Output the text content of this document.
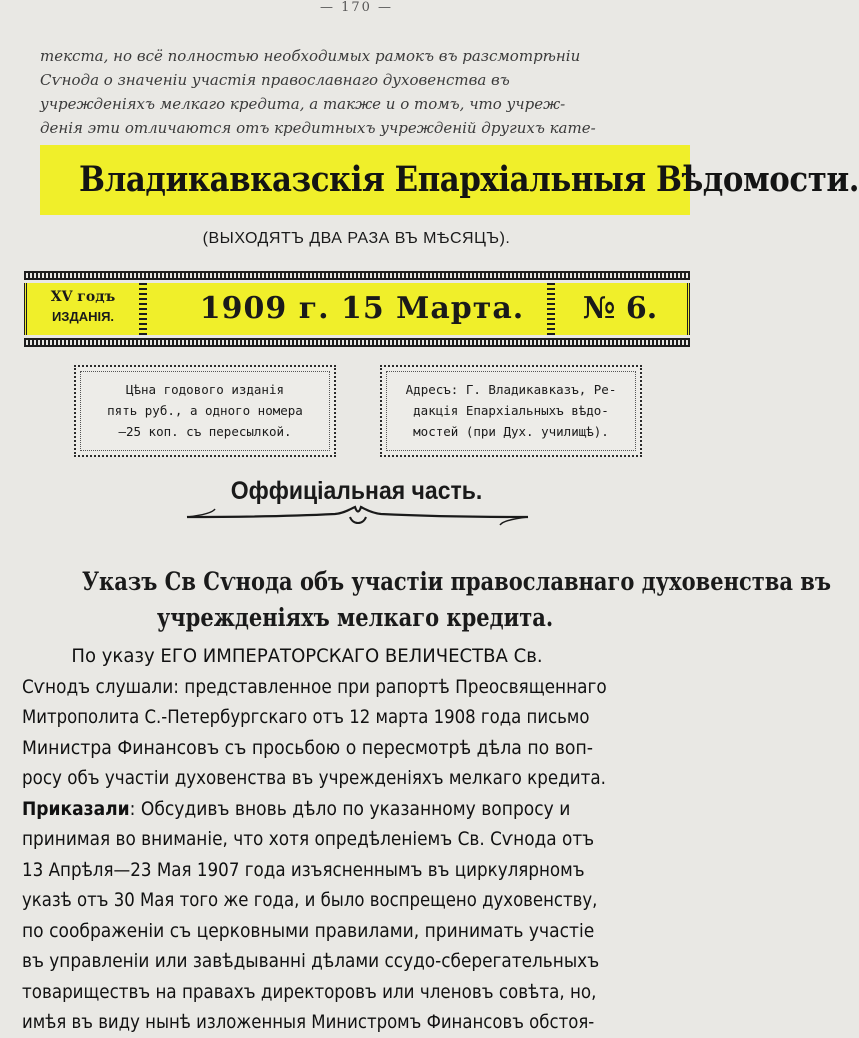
— 170 —
текста, но всё полностью необходимых рамокъ въ разсмотрѣнiи
Сѵнода о значенiи участiя православнаго духовенства въ
учрежденiяхъ мелкаго кредита, а также и о томъ, что учреж-
денiя эти отличаются отъ кредитныхъ учрежденiй другихъ кате-
Владикавказскія Епархіальныя Вѣдомости.
(ВЫХОДЯТЪ ДВА РАЗА ВЪ МѢСЯЦЪ).
XV годъ
ИЗДАНIЯ.	1909 г. 15 Марта.	№ 6.
Цѣна годового изданiя
пять руб., а одного номера
—25 коп. съ пересылкой.
Адресъ: Г. Владикавказъ, Ре-
дакцiя Епархiальныхъ вѣдо-
мостей (при Дух. училищѣ).
Оффицiальная часть.
Указъ Св Сѵнода объ участiи православнаго духовенства въ
учрежденiяхъ мелкаго кредита.
По указу ЕГО ИМПЕРАТОРСКАГО ВЕЛИЧЕСТВА Св.
Сѵнодъ слушали: представленное при рапортѣ Преосвященнаго
Митрополита С.-Петербургскаго отъ 12 марта 1908 года письмо
Министра Финансовъ съ просьбою о пересмотрѣ дѣла по воп-
росу объ участiи духовенства въ учрежденiяхъ мелкаго кредита.
Приказали: Обсудивъ вновь дѣло по указанному вопросу и
принимая во вниманiе, что хотя опредѣленiемъ Св. Сѵнода отъ
13 Апрѣля—23 Мая 1907 года изъясненнымъ въ циркулярномъ
указѣ отъ 30 Мая того же года, и было воспрещено духовенству,
по соображенiи съ церковными правилами, принимать участiе
въ управленiи или завѣдываннi дѣлами ссудо-сберегательныхъ
товариществъ на правахъ директоровъ или членовъ совѣта, но,
имѣя въ виду нынѣ изложенныя Министромъ Финансовъ обстоя-
